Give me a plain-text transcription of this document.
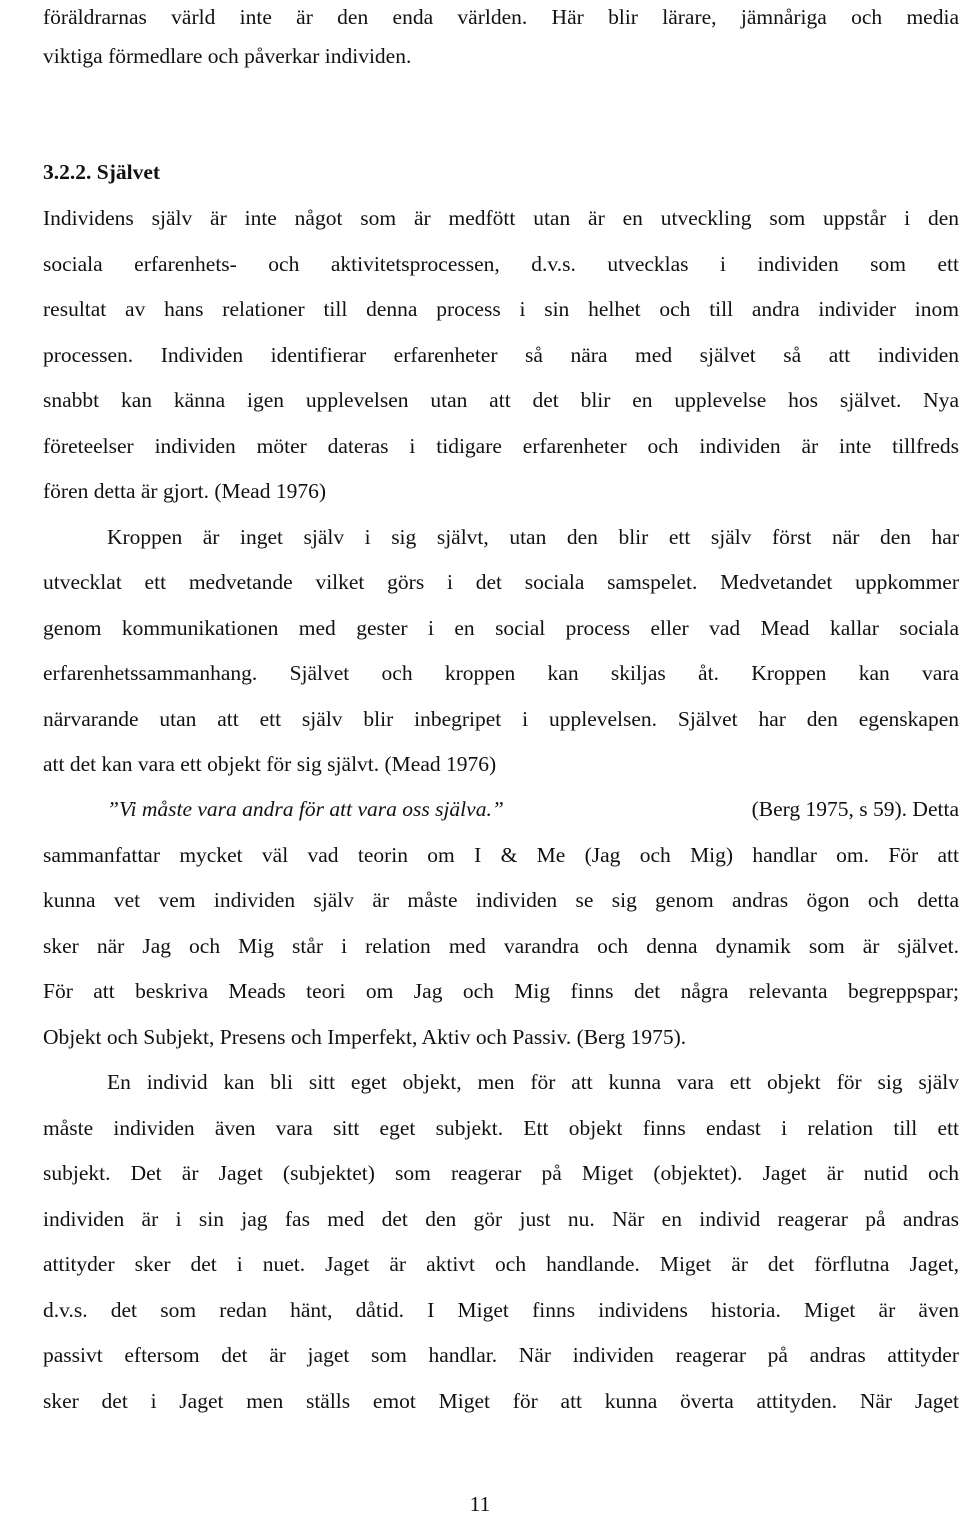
föräldrarnas värld inte är den enda världen. Här blir lärare, jämnåriga och media
viktiga förmedlare och påverkar individen.
3.2.2. Självet
Individens själv är inte något som är medfött utan är en utveckling som uppstår i den
sociala erfarenhets- och aktivitetsprocessen, d.v.s. utvecklas i individen som ett
resultat av hans relationer till denna process i sin helhet och till andra individer inom
processen. Individen identifierar erfarenheter så nära med självet så att individen
snabbt kan känna igen upplevelsen utan att det blir en upplevelse hos självet. Nya
företeelser individen möter dateras i tidigare erfarenheter och individen är inte tillfreds
fören detta är gjort. (Mead 1976)
Kroppen är inget själv i sig självt, utan den blir ett själv först när den har
utvecklat ett medvetande vilket görs i det sociala samspelet. Medvetandet uppkommer
genom kommunikationen med gester i en social process eller vad Mead kallar sociala
erfarenhetssammanhang. Självet och kroppen kan skiljas åt. Kroppen kan vara
närvarande utan att ett själv blir inbegripet i upplevelsen. Självet har den egenskapen
att det kan vara ett objekt för sig självt. (Mead 1976)
”Vi måste vara andra för att vara oss själva.”	(Berg 1975, s 59). Detta
sammanfattar mycket väl vad teorin om I & Me (Jag och Mig) handlar om. För att
kunna vet vem individen själv är måste individen se sig genom andras ögon och detta
sker när Jag och Mig står i relation med varandra och denna dynamik som är självet.
För att beskriva Meads teori om Jag och Mig finns det några relevanta begreppspar;
Objekt och Subjekt, Presens och Imperfekt, Aktiv och Passiv. (Berg 1975).
En individ kan bli sitt eget objekt, men för att kunna vara ett objekt för sig själv
måste individen även vara sitt eget subjekt. Ett objekt finns endast i relation till ett
subjekt. Det är Jaget (subjektet) som reagerar på Miget (objektet). Jaget är nutid och
individen är i sin jag fas med det den gör just nu. När en individ reagerar på andras
attityder sker det i nuet. Jaget är aktivt och handlande. Miget är det förflutna Jaget,
d.v.s. det som redan hänt, dåtid. I Miget finns individens historia. Miget är även
passivt eftersom det är jaget som handlar. När individen reagerar på andras attityder
sker det i Jaget men ställs emot Miget för att kunna överta attityden. När Jaget
11
